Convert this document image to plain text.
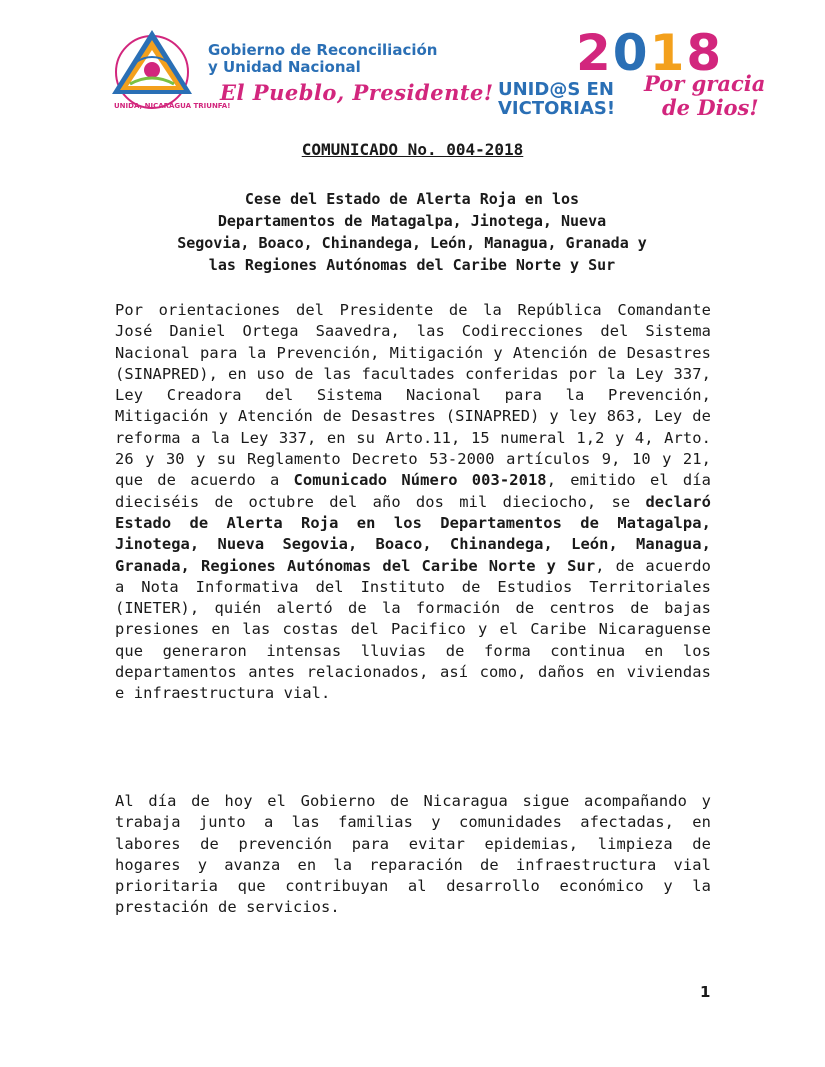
UNIDA, NICARAGUA TRIUNFA!
Gobierno de Reconciliación
y Unidad Nacional
El Pueblo, Presidente!
2018
UNID@S EN
VICTORIAS!
Por gracia
de Dios!
COMUNICADO No. 004-2018
Cese del Estado de Alerta Roja en los
Departamentos de Matagalpa, Jinotega, Nueva
Segovia, Boaco, Chinandega, León, Managua, Granada y
las Regiones Autónomas del Caribe Norte y Sur
Por orientaciones del Presidente de la República Comandante José Daniel Ortega Saavedra, las Codirecciones del Sistema Nacional para la Prevención, Mitigación y Atención de Desastres (SINAPRED), en uso de las facultades conferidas por la Ley 337, Ley Creadora del Sistema Nacional para la Prevención, Mitigación y Atención de Desastres (SINAPRED) y ley 863, Ley de reforma a la Ley 337, en su Arto.11, 15 numeral 1,2 y 4, Arto. 26 y 30 y su Reglamento Decreto 53-2000 artículos 9, 10 y 21, que de acuerdo a Comunicado Número 003-2018, emitido el día dieciséis de octubre del año dos mil dieciocho, se declaró Estado de Alerta Roja en los Departamentos de Matagalpa, Jinotega, Nueva Segovia, Boaco, Chinandega, León, Managua, Granada, Regiones Autónomas del Caribe Norte y Sur, de acuerdo a Nota Informativa del Instituto de Estudios Territoriales (INETER), quién alertó de la formación de centros de bajas presiones en las costas del Pacifico y el Caribe Nicaraguense que generaron intensas lluvias de forma continua en los departamentos antes relacionados, así como, daños en viviendas e infraestructura vial.
Al día de hoy el Gobierno de Nicaragua sigue acompañando y trabaja junto a las familias y comunidades afectadas, en labores de prevención para evitar epidemias, limpieza de hogares y avanza en la reparación de infraestructura vial prioritaria que contribuyan al desarrollo económico y la prestación de servicios.
1
